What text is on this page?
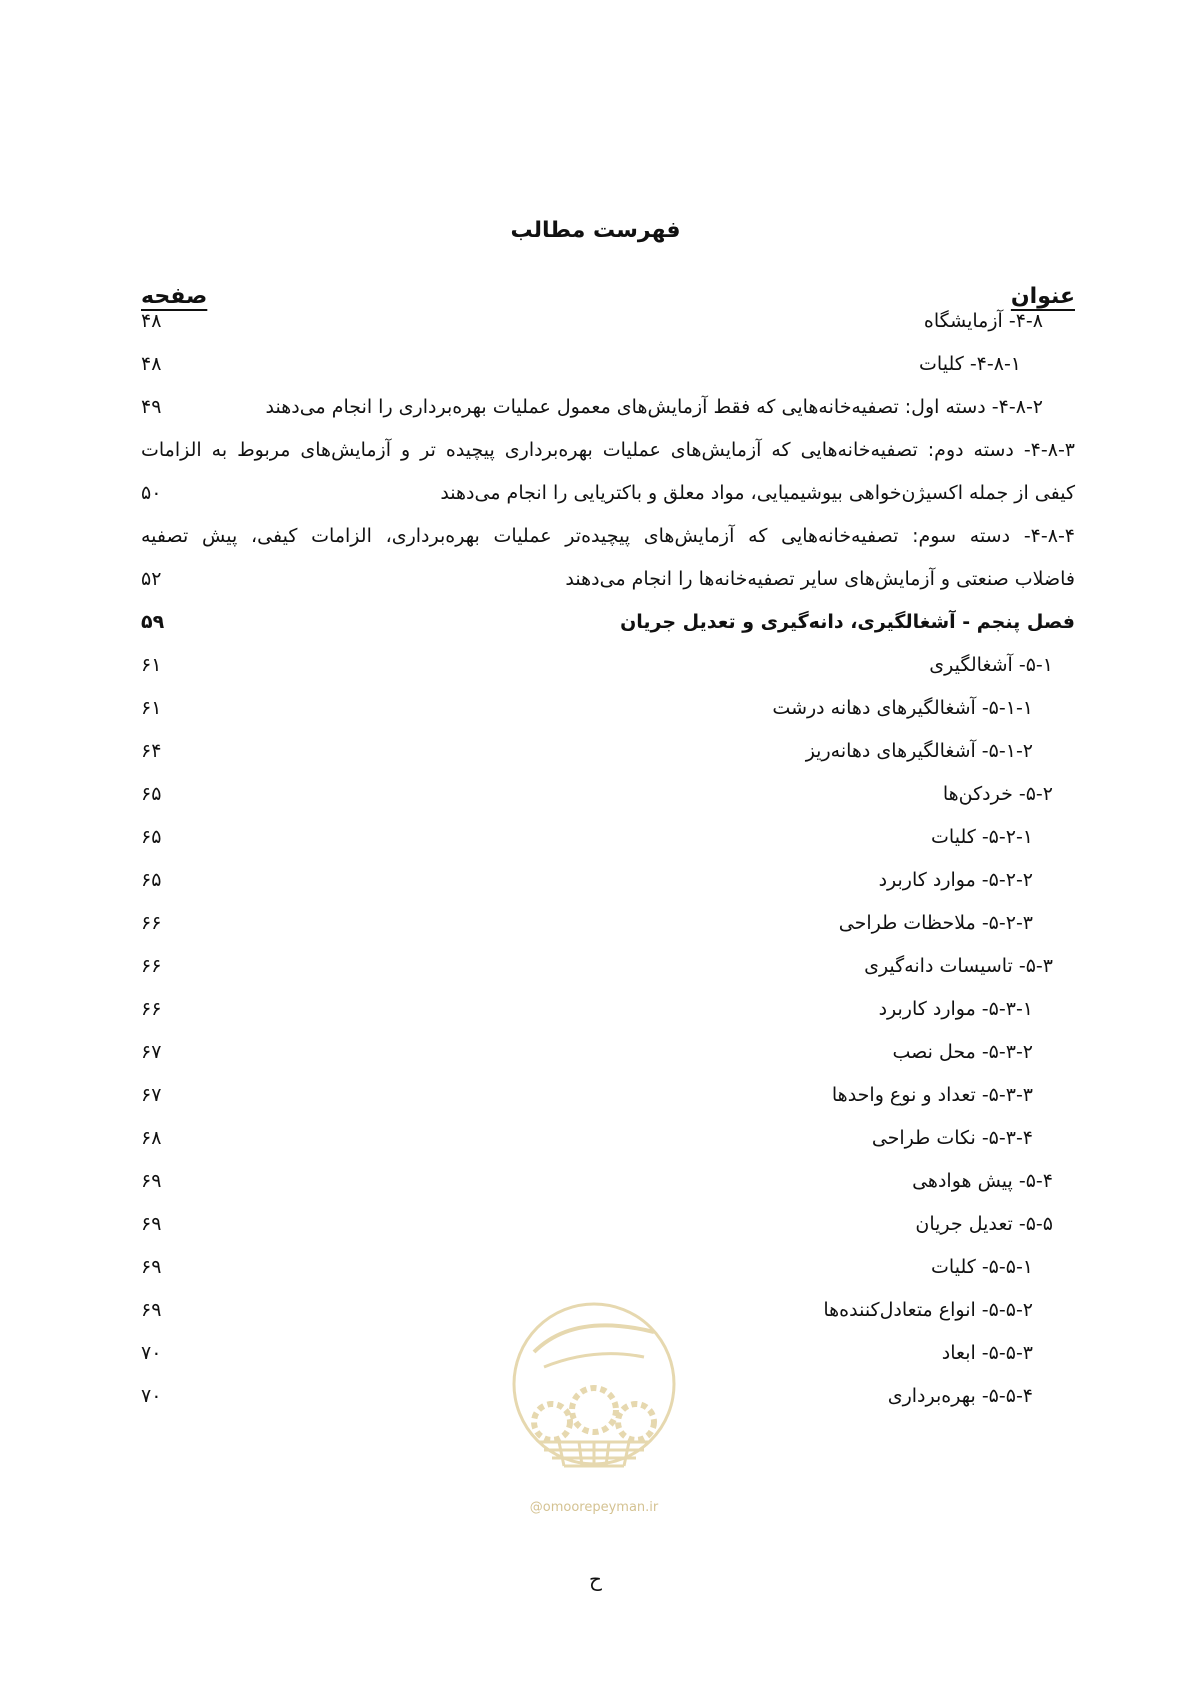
فهرست مطالب
عنوان
صفحه
۴-۸- آزمایشگاه
۴۸
۴-۸-۱- کلیات
۴۸
۴-۸-۲- دسته اول: تصفیه‌خانه‌هایی که فقط آزمایش‌های معمول عملیات بهره‌برداری را انجام می‌دهند
۴۹
۴-۸-۳- دسته دوم: تصفیه‌خانه‌هایی که آزمایش‌های عملیات بهره‌برداری پیچیده تر و آزمایش‌های مربوط به الزامات
کیفی از جمله اکسیژن‌خواهی بیوشیمیایی، مواد معلق و باکتریایی را انجام می‌دهند
۵۰
۴-۸-۴- دسته سوم: تصفیه‌خانه‌هایی که آزمایش‌های پیچیده‌تر عملیات بهره‌برداری، الزامات کیفی، پیش تصفیه
فاضلاب صنعتی و آزمایش‌های سایر تصفیه‌خانه‌ها را انجام می‌دهند
۵۲
فصل پنجم - آشغالگیری، دانه‌گیری و تعدیل جریان
۵۹
۵-۱- آشغالگیری
۶۱
۵-۱-۱- آشغالگیرهای دهانه درشت
۶۱
۵-۱-۲- آشغالگیرهای دهانه‌ریز
۶۴
۵-۲- خردکن‌ها
۶۵
۵-۲-۱- کلیات
۶۵
۵-۲-۲- موارد کاربرد
۶۵
۵-۲-۳- ملاحظات طراحی
۶۶
۵-۳- تاسیسات دانه‌گیری
۶۶
۵-۳-۱- موارد کاربرد
۶۶
۵-۳-۲- محل نصب
۶۷
۵-۳-۳- تعداد و نوع واحدها
۶۷
۵-۳-۴- نکات طراحی
۶۸
۵-۴- پیش هوادهی
۶۹
۵-۵- تعدیل جریان
۶۹
۵-۵-۱- کلیات
۶۹
۵-۵-۲- انواع متعادل‌کننده‌ها
۶۹
۵-۵-۳- ابعاد
۷۰
۵-۵-۴- بهره‌برداری
۷۰
@omoorepeyman.ir
ح
